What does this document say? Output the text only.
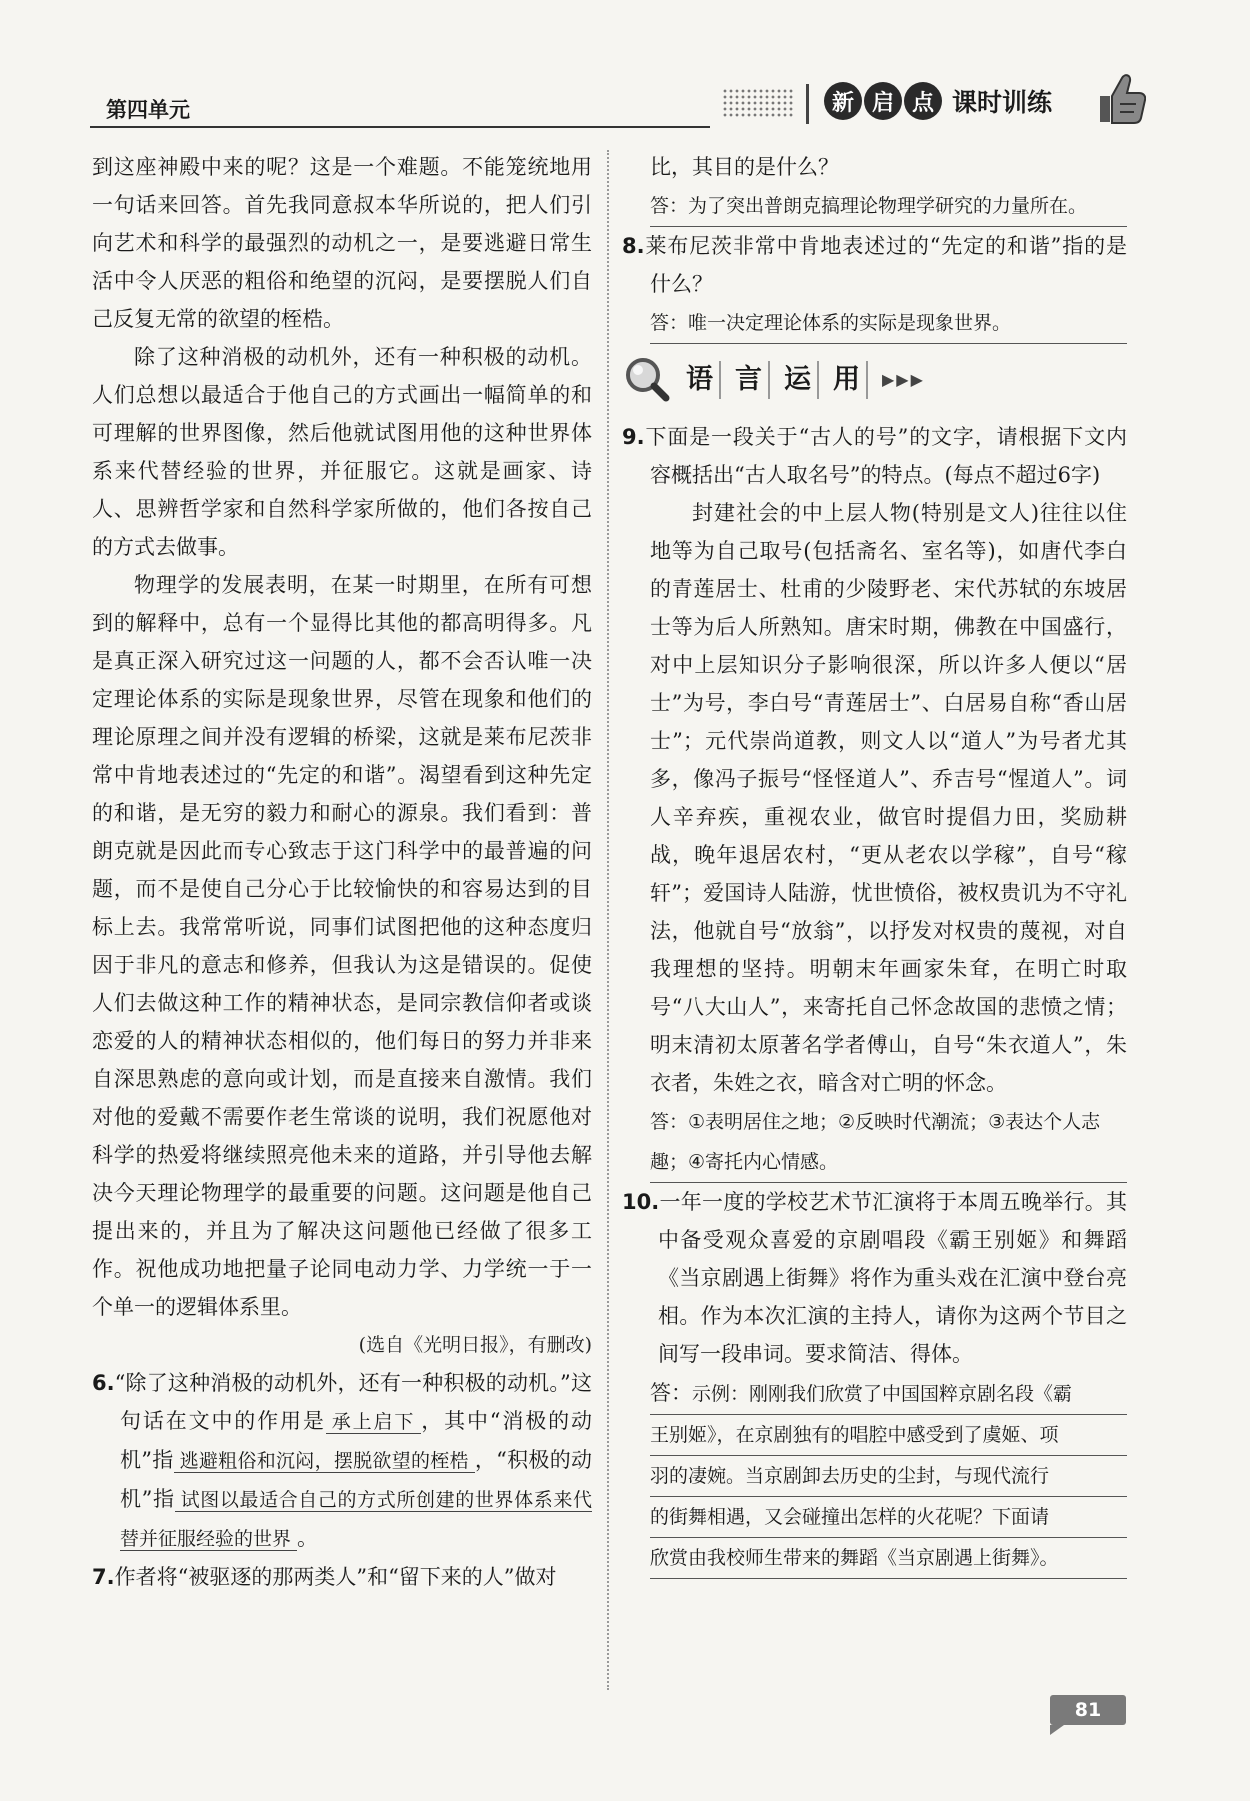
第四单元	新 启 点 课时训练

到这座神殿中来的呢？这是一个难题。不能笼统地用一句话来回答。首先我同意叔本华所说的，把人们引向艺术和科学的最强烈的动机之一，是要逃避日常生活中令人厌恶的粗俗和绝望的沉闷，是要摆脱人们自己反复无常的欲望的桎梏。

除了这种消极的动机外，还有一种积极的动机。人们总想以最适合于他自己的方式画出一幅简单的和可理解的世界图像，然后他就试图用他的这种世界体系来代替经验的世界，并征服它。这就是画家、诗人、思辨哲学家和自然科学家所做的，他们各按自己的方式去做事。

物理学的发展表明，在某一时期里，在所有可想到的解释中，总有一个显得比其他的都高明得多。凡是真正深入研究过这一问题的人，都不会否认唯一决定理论体系的实际是现象世界，尽管在现象和他们的理论原理之间并没有逻辑的桥梁，这就是莱布尼茨非常中肯地表述过的“先定的和谐”。渴望看到这种先定的和谐，是无穷的毅力和耐心的源泉。我们看到：普朗克就是因此而专心致志于这门科学中的最普遍的问题，而不是使自己分心于比较愉快的和容易达到的目标上去。我常常听说，同事们试图把他的这种态度归因于非凡的意志和修养，但我认为这是错误的。促使人们去做这种工作的精神状态，是同宗教信仰者或谈恋爱的人的精神状态相似的，他们每日的努力并非来自深思熟虑的意向或计划，而是直接来自激情。我们对他的爱戴不需要作老生常谈的说明，我们祝愿他对科学的热爱将继续照亮他未来的道路，并引导他去解决今天理论物理学的最重要的问题。这问题是他自己提出来的，并且为了解决这问题他已经做了很多工作。祝他成功地把量子论同电动力学、力学统一于一个单一的逻辑体系里。

(选自《光明日报》，有删改)

6.“除了这种消极的动机外，还有一种积极的动机。”这句话在文中的作用是 承上启下 ，其中“消极的动机”指 逃避粗俗和沉闷，摆脱欲望的桎梏 ，“积极的动机”指 试图以最适合自己的方式所创建的世界体系来代替并征服经验的世界 。

7.作者将“被驱逐的那两类人”和“留下来的人”做对

比，其目的是什么？

答：为了突出普朗克搞理论物理学研究的力量所在。

8.莱布尼茨非常中肯地表述过的“先定的和谐”指的是什么？

答：唯一决定理论体系的实际是现象世界。
语 言 运 用	▶▶▶

9.下面是一段关于“古人的号”的文字，请根据下文内容概括出“古人取名号”的特点。(每点不超过6字)

封建社会的中上层人物(特别是文人)往往以住地等为自己取号(包括斋名、室名等)，如唐代李白的青莲居士、杜甫的少陵野老、宋代苏轼的东坡居士等为后人所熟知。唐宋时期，佛教在中国盛行，对中上层知识分子影响很深，所以许多人便以“居士”为号，李白号“青莲居士”、白居易自称“香山居士”；元代崇尚道教，则文人以“道人”为号者尤其多，像冯子振号“怪怪道人”、乔吉号“惺道人”。词人辛弃疾，重视农业，做官时提倡力田，奖励耕战，晚年退居农村，“更从老农以学稼”，自号“稼轩”；爱国诗人陆游，忧世愤俗，被权贵讥为不守礼法，他就自号“放翁”，以抒发对权贵的蔑视，对自我理想的坚持。明朝末年画家朱耷，在明亡时取号“八大山人”，来寄托自己怀念故国的悲愤之情；明末清初太原著名学者傅山，自号“朱衣道人”，朱衣者，朱姓之衣，暗含对亡明的怀念。

答：①表明居住之地；②反映时代潮流；③表达个人志趣；④寄托内心情感。

10.一年一度的学校艺术节汇演将于本周五晚举行。其中备受观众喜爱的京剧唱段《霸王别姬》和舞蹈《当京剧遇上街舞》将作为重头戏在汇演中登台亮相。作为本次汇演的主持人，请你为这两个节目之间写一段串词。要求简洁、得体。

答：示例：刚刚我们欣赏了中国国粹京剧名段《霸
王别姬》，在京剧独有的唱腔中感受到了虞姬、项
羽的凄婉。当京剧卸去历史的尘封，与现代流行
的街舞相遇，又会碰撞出怎样的火花呢？下面请
欣赏由我校师生带来的舞蹈《当京剧遇上街舞》。
81
